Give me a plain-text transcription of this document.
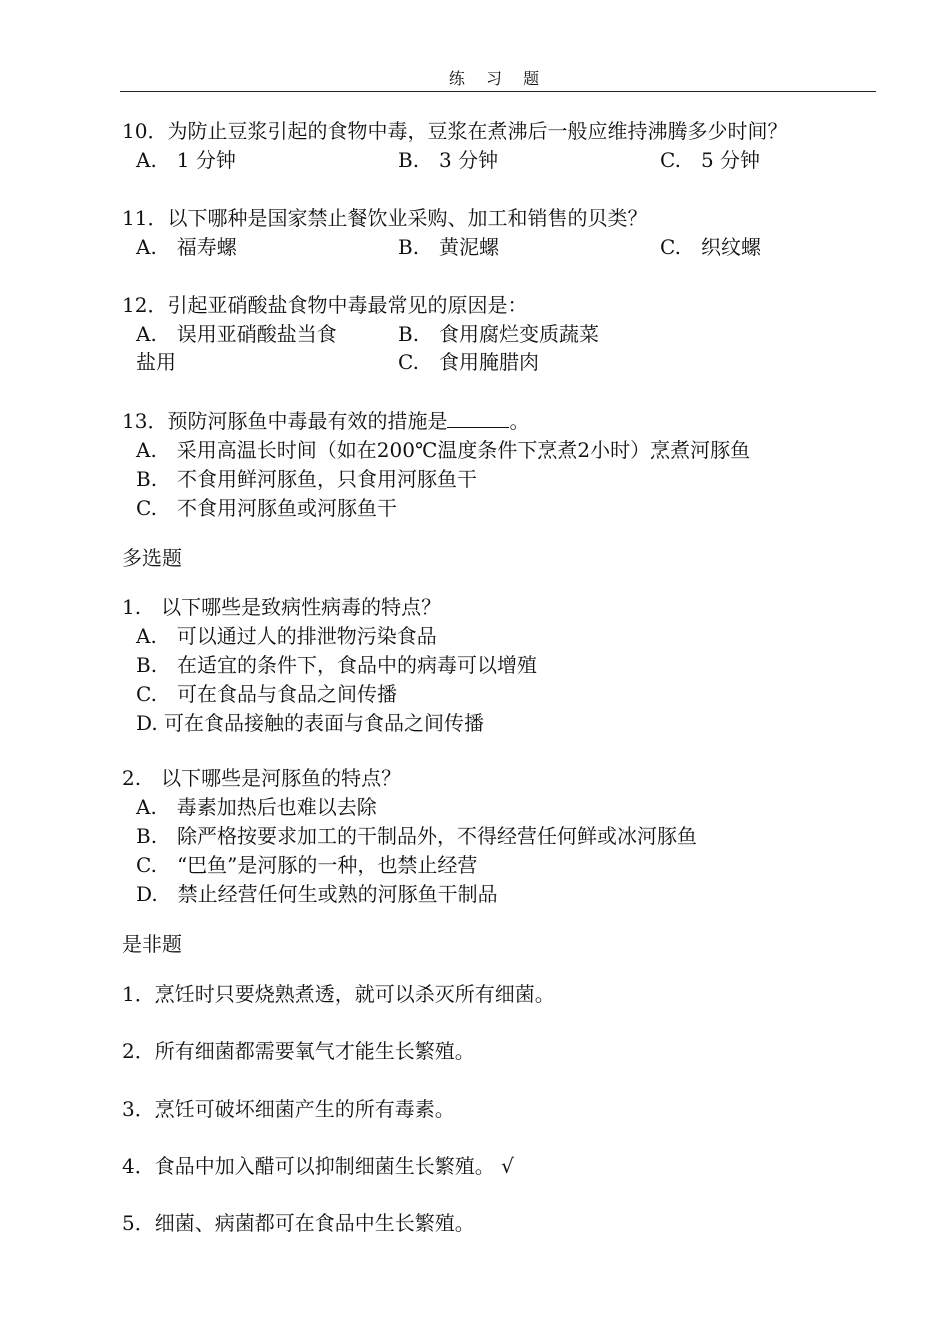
练 习 题
10．为防止豆浆引起的食物中毒，豆浆在煮沸后一般应维持沸腾多少时间？
A.　1 分钟	B.　3 分钟	C.　5 分钟
11．以下哪种是国家禁止餐饮业采购、加工和销售的贝类？
A.　福寿螺	B.　黄泥螺	C.　织纹螺
12．引起亚硝酸盐食物中毒最常见的原因是：
A.　误用亚硝酸盐当食
盐用
B.　食用腐烂变质蔬菜
C.　食用腌腊肉
13．预防河豚鱼中毒最有效的措施是	。
A.　采用高温长时间（如在200℃温度条件下烹煮2小时）烹煮河豚鱼
B.　不食用鲜河豚鱼，只食用河豚鱼干
C.　不食用河豚鱼或河豚鱼干
多选题
1.　以下哪些是致病性病毒的特点？
A.　可以通过人的排泄物污染食品
B.　在适宜的条件下，食品中的病毒可以增殖
C.　可在食品与食品之间传播
D. 可在食品接触的表面与食品之间传播
2.　以下哪些是河豚鱼的特点？
A.　毒素加热后也难以去除
B.　除严格按要求加工的干制品外，不得经营任何鲜或冰河豚鱼
C.　“巴鱼”是河豚的一种，也禁止经营
D.　禁止经营任何生或熟的河豚鱼干制品
是非题
1．烹饪时只要烧熟煮透，就可以杀灭所有细菌。
2．所有细菌都需要氧气才能生长繁殖。
3．烹饪可破坏细菌产生的所有毒素。
4．食品中加入醋可以抑制细菌生长繁殖。 √
5．细菌、病菌都可在食品中生长繁殖。
